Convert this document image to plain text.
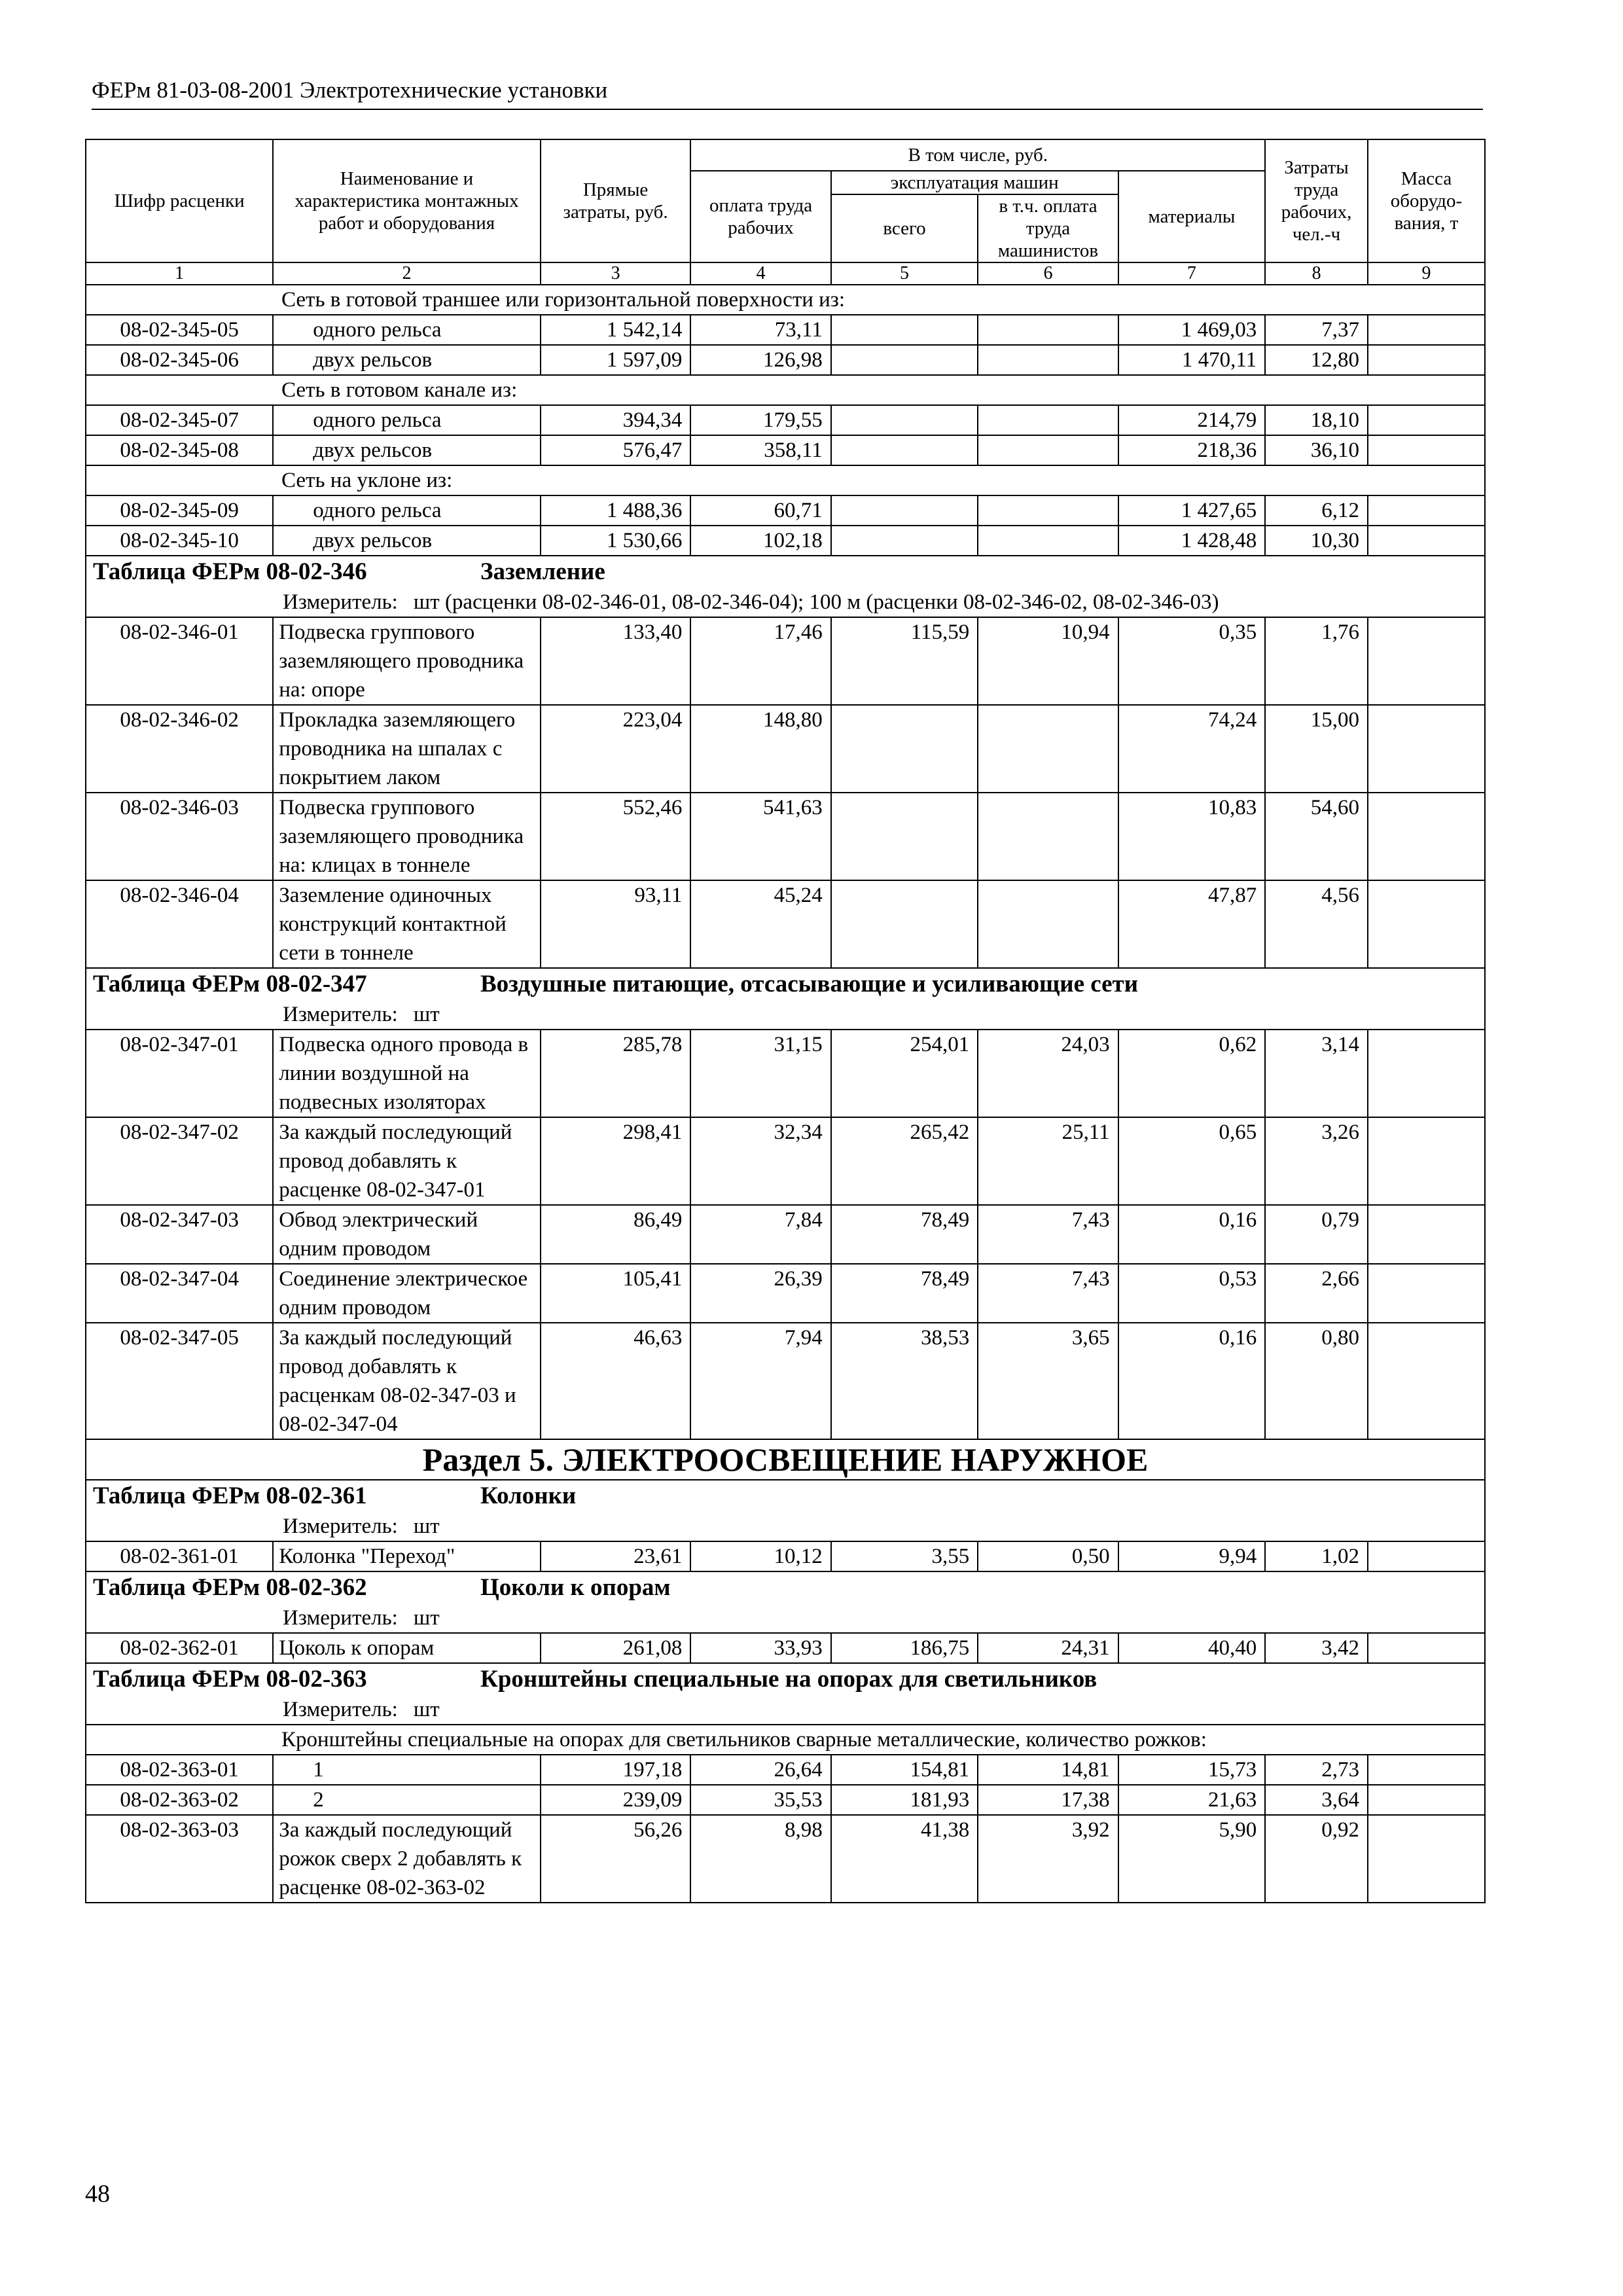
ФЕРм 81-03-08-2001 Электротехнические установки
Шифр расценки	Наименование и характеристика монтажных работ и оборудования	Прямые затраты, руб.	В том числе, руб.				Затраты труда рабочих, чел.-ч	Масса оборудо-вания, т
			оплата труда рабочих	эксплуатация машин		материалы		
				всего	в т.ч. оплата труда машинистов			
1	2	3	4	5	6	7	8	9
Сеть в готовой траншее или горизонтальной поверхности из:								
08-02-345-05	одного рельса	1 542,14	73,11			1 469,03	7,37	
08-02-345-06	двух рельсов	1 597,09	126,98			1 470,11	12,80	
Сеть в готовом канале из:								
08-02-345-07	одного рельса	394,34	179,55			214,79	18,10	
08-02-345-08	двух рельсов	576,47	358,11			218,36	36,10	
Сеть на уклоне из:								
08-02-345-09	одного рельса	1 488,36	60,71			1 427,65	6,12	
08-02-345-10	двух рельсов	1 530,66	102,18			1 428,48	10,30	

Таблица ФЕРм 08-02-346 Заземление
Измеритель: шт (расценки 08-02-346-01, 08-02-346-04); 100 м (расценки 08-02-346-02, 08-02-346-03)								

08-02-346-01	Подвеска группового заземляющего проводника на: опоре	133,40	17,46	115,59	10,94	0,35	1,76	
08-02-346-02	Прокладка заземляющего проводника на шпалах с покрытием лаком	223,04	148,80			74,24	15,00	
08-02-346-03	Подвеска группового заземляющего проводника на: клицах в тоннеле	552,46	541,63			10,83	54,60	
08-02-346-04	Заземление одиночных конструкций контактной сети в тоннеле	93,11	45,24			47,87	4,56	

Таблица ФЕРм 08-02-347 Воздушные питающие, отсасывающие и усиливающие сети
Измеритель: шт								

08-02-347-01	Подвеска одного провода в линии воздушной на подвесных изоляторах	285,78	31,15	254,01	24,03	0,62	3,14	
08-02-347-02	За каждый последующий провод добавлять к расценке 08-02-347-01	298,41	32,34	265,42	25,11	0,65	3,26	
08-02-347-03	Обвод электрический одним проводом	86,49	7,84	78,49	7,43	0,16	0,79	
08-02-347-04	Соединение электрическое одним проводом	105,41	26,39	78,49	7,43	0,53	2,66	
08-02-347-05	За каждый последующий провод добавлять к расценкам 08-02-347-03 и 08-02-347-04	46,63	7,94	38,53	3,65	0,16	0,80	
Раздел 5. ЭЛЕКТРООСВЕЩЕНИЕ НАРУЖНОЕ								

Таблица ФЕРм 08-02-361 Колонки
Измеритель: шт								

08-02-361-01	Колонка "Переход"	23,61	10,12	3,55	0,50	9,94	1,02	

Таблица ФЕРм 08-02-362 Цоколи к опорам
Измеритель: шт								

08-02-362-01	Цоколь к опорам	261,08	33,93	186,75	24,31	40,40	3,42	

Таблица ФЕРм 08-02-363 Кронштейны специальные на опорах для светильников
Измеритель: шт								

Кронштейны специальные на опорах для светильников сварные металлические, количество рожков:								
08-02-363-01	1	197,18	26,64	154,81	14,81	15,73	2,73	
08-02-363-02	2	239,09	35,53	181,93	17,38	21,63	3,64	
08-02-363-03	За каждый последующий рожок сверх 2 добавлять к расценке 08-02-363-02	56,26	8,98	41,38	3,92	5,90	0,92	
48
